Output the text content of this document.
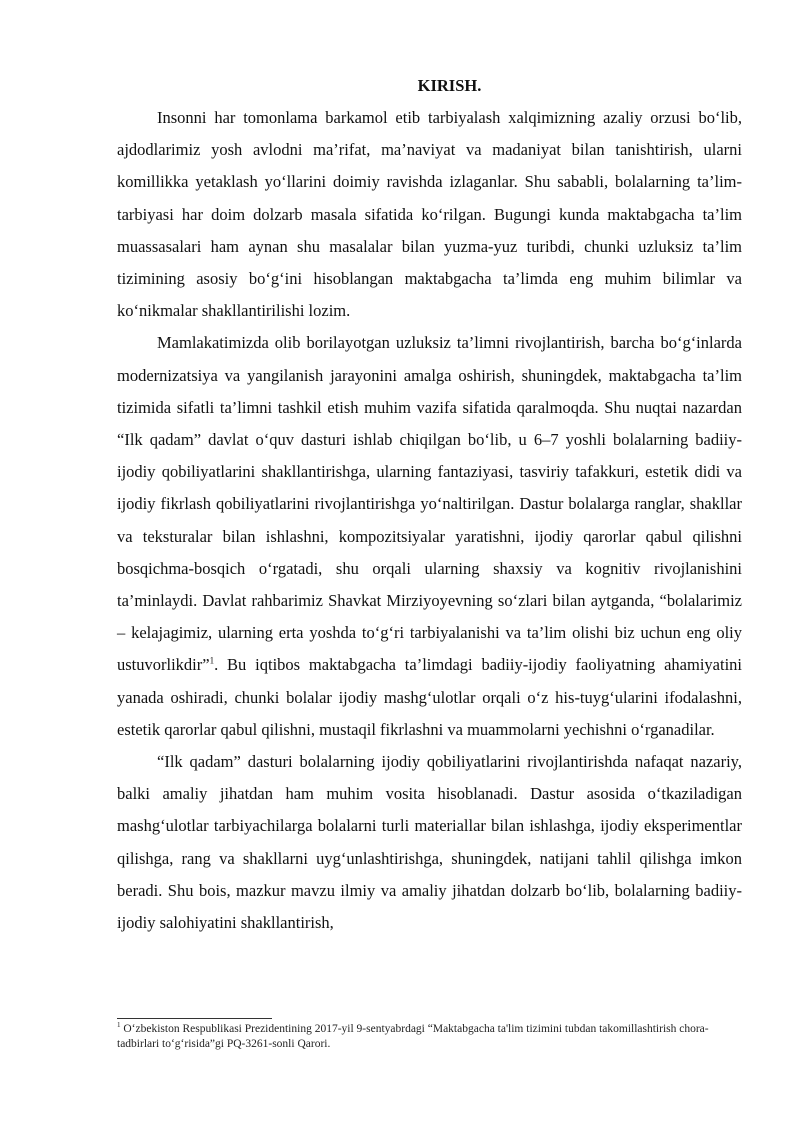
KIRISH.

Insonni har tomonlama barkamol etib tarbiyalash xalqimizning azaliy orzusi bo‘lib, ajdodlarimiz yosh avlodni ma’rifat, ma’naviyat va madaniyat bilan tanishtirish, ularni komillikka yetaklash yo‘llarini doimiy ravishda izlaganlar. Shu sababli, bolalarning ta’lim-tarbiyasi har doim dolzarb masala sifatida ko‘rilgan. Bugungi kunda maktabgacha ta’lim muassasalari ham aynan shu masalalar bilan yuzma-yuz turibdi, chunki uzluksiz ta’lim tizimining asosiy bo‘g‘ini hisoblangan maktabgacha ta’limda eng muhim bilimlar va ko‘nikmalar shakllantirilishi lozim.

Mamlakatimizda olib borilayotgan uzluksiz ta’limni rivojlantirish, barcha bo‘g‘inlarda modernizatsiya va yangilanish jarayonini amalga oshirish, shuningdek, maktabgacha ta’lim tizimida sifatli ta’limni tashkil etish muhim vazifa sifatida qaralmoqda. Shu nuqtai nazardan “Ilk qadam” davlat o‘quv dasturi ishlab chiqilgan bo‘lib, u 6–7 yoshli bolalarning badiiy-ijodiy qobiliyatlarini shakllantirishga, ularning fantaziyasi, tasviriy tafakkuri, estetik didi va ijodiy fikrlash qobiliyatlarini rivojlantirishga yo‘naltirilgan. Dastur bolalarga ranglar, shakllar va teksturalar bilan ishlashni, kompozitsiyalar yaratishni, ijodiy qarorlar qabul qilishni bosqichma-bosqich o‘rgatadi, shu orqali ularning shaxsiy va kognitiv rivojlanishini ta’minlaydi. Davlat rahbarimiz Shavkat Mirziyoyevning so‘zlari bilan aytganda, “bolalarimiz – kelajagimiz, ularning erta yoshda to‘g‘ri tarbiyalanishi va ta’lim olishi biz uchun eng oliy ustuvorlikdir”$^1$. Bu iqtibos maktabgacha ta’limdagi badiiy-ijodiy faoliyatning ahamiyatini yanada oshiradi, chunki bolalar ijodiy mashg‘ulotlar orqali o‘z his-tuyg‘ularini ifodalashni, estetik qarorlar qabul qilishni, mustaqil fikrlashni va muammolarni yechishni o‘rganadilar.

“Ilk qadam” dasturi bolalarning ijodiy qobiliyatlarini rivojlantirishda nafaqat nazariy, balki amaliy jihatdan ham muhim vosita hisoblanadi. Dastur asosida o‘tkaziladigan mashg‘ulotlar tarbiyachilarga bolalarni turli materiallar bilan ishlashga, ijodiy eksperimentlar qilishga, rang va shakllarni uyg‘unlashtirishga, shuningdek, natijani tahlil qilishga imkon beradi. Shu bois, mazkur mavzu ilmiy va amaliy jihatdan dolzarb bo‘lib, bolalarning badiiy-ijodiy salohiyatini shakllantirish,

$^1$ O‘zbekiston Respublikasi Prezidentining 2017-yil 9-sentyabrdagi “Maktabgacha ta'lim tizimini tubdan takomillashtirish chora-tadbirlari to‘g‘risida”gi PQ-3261-sonli Qarori.
